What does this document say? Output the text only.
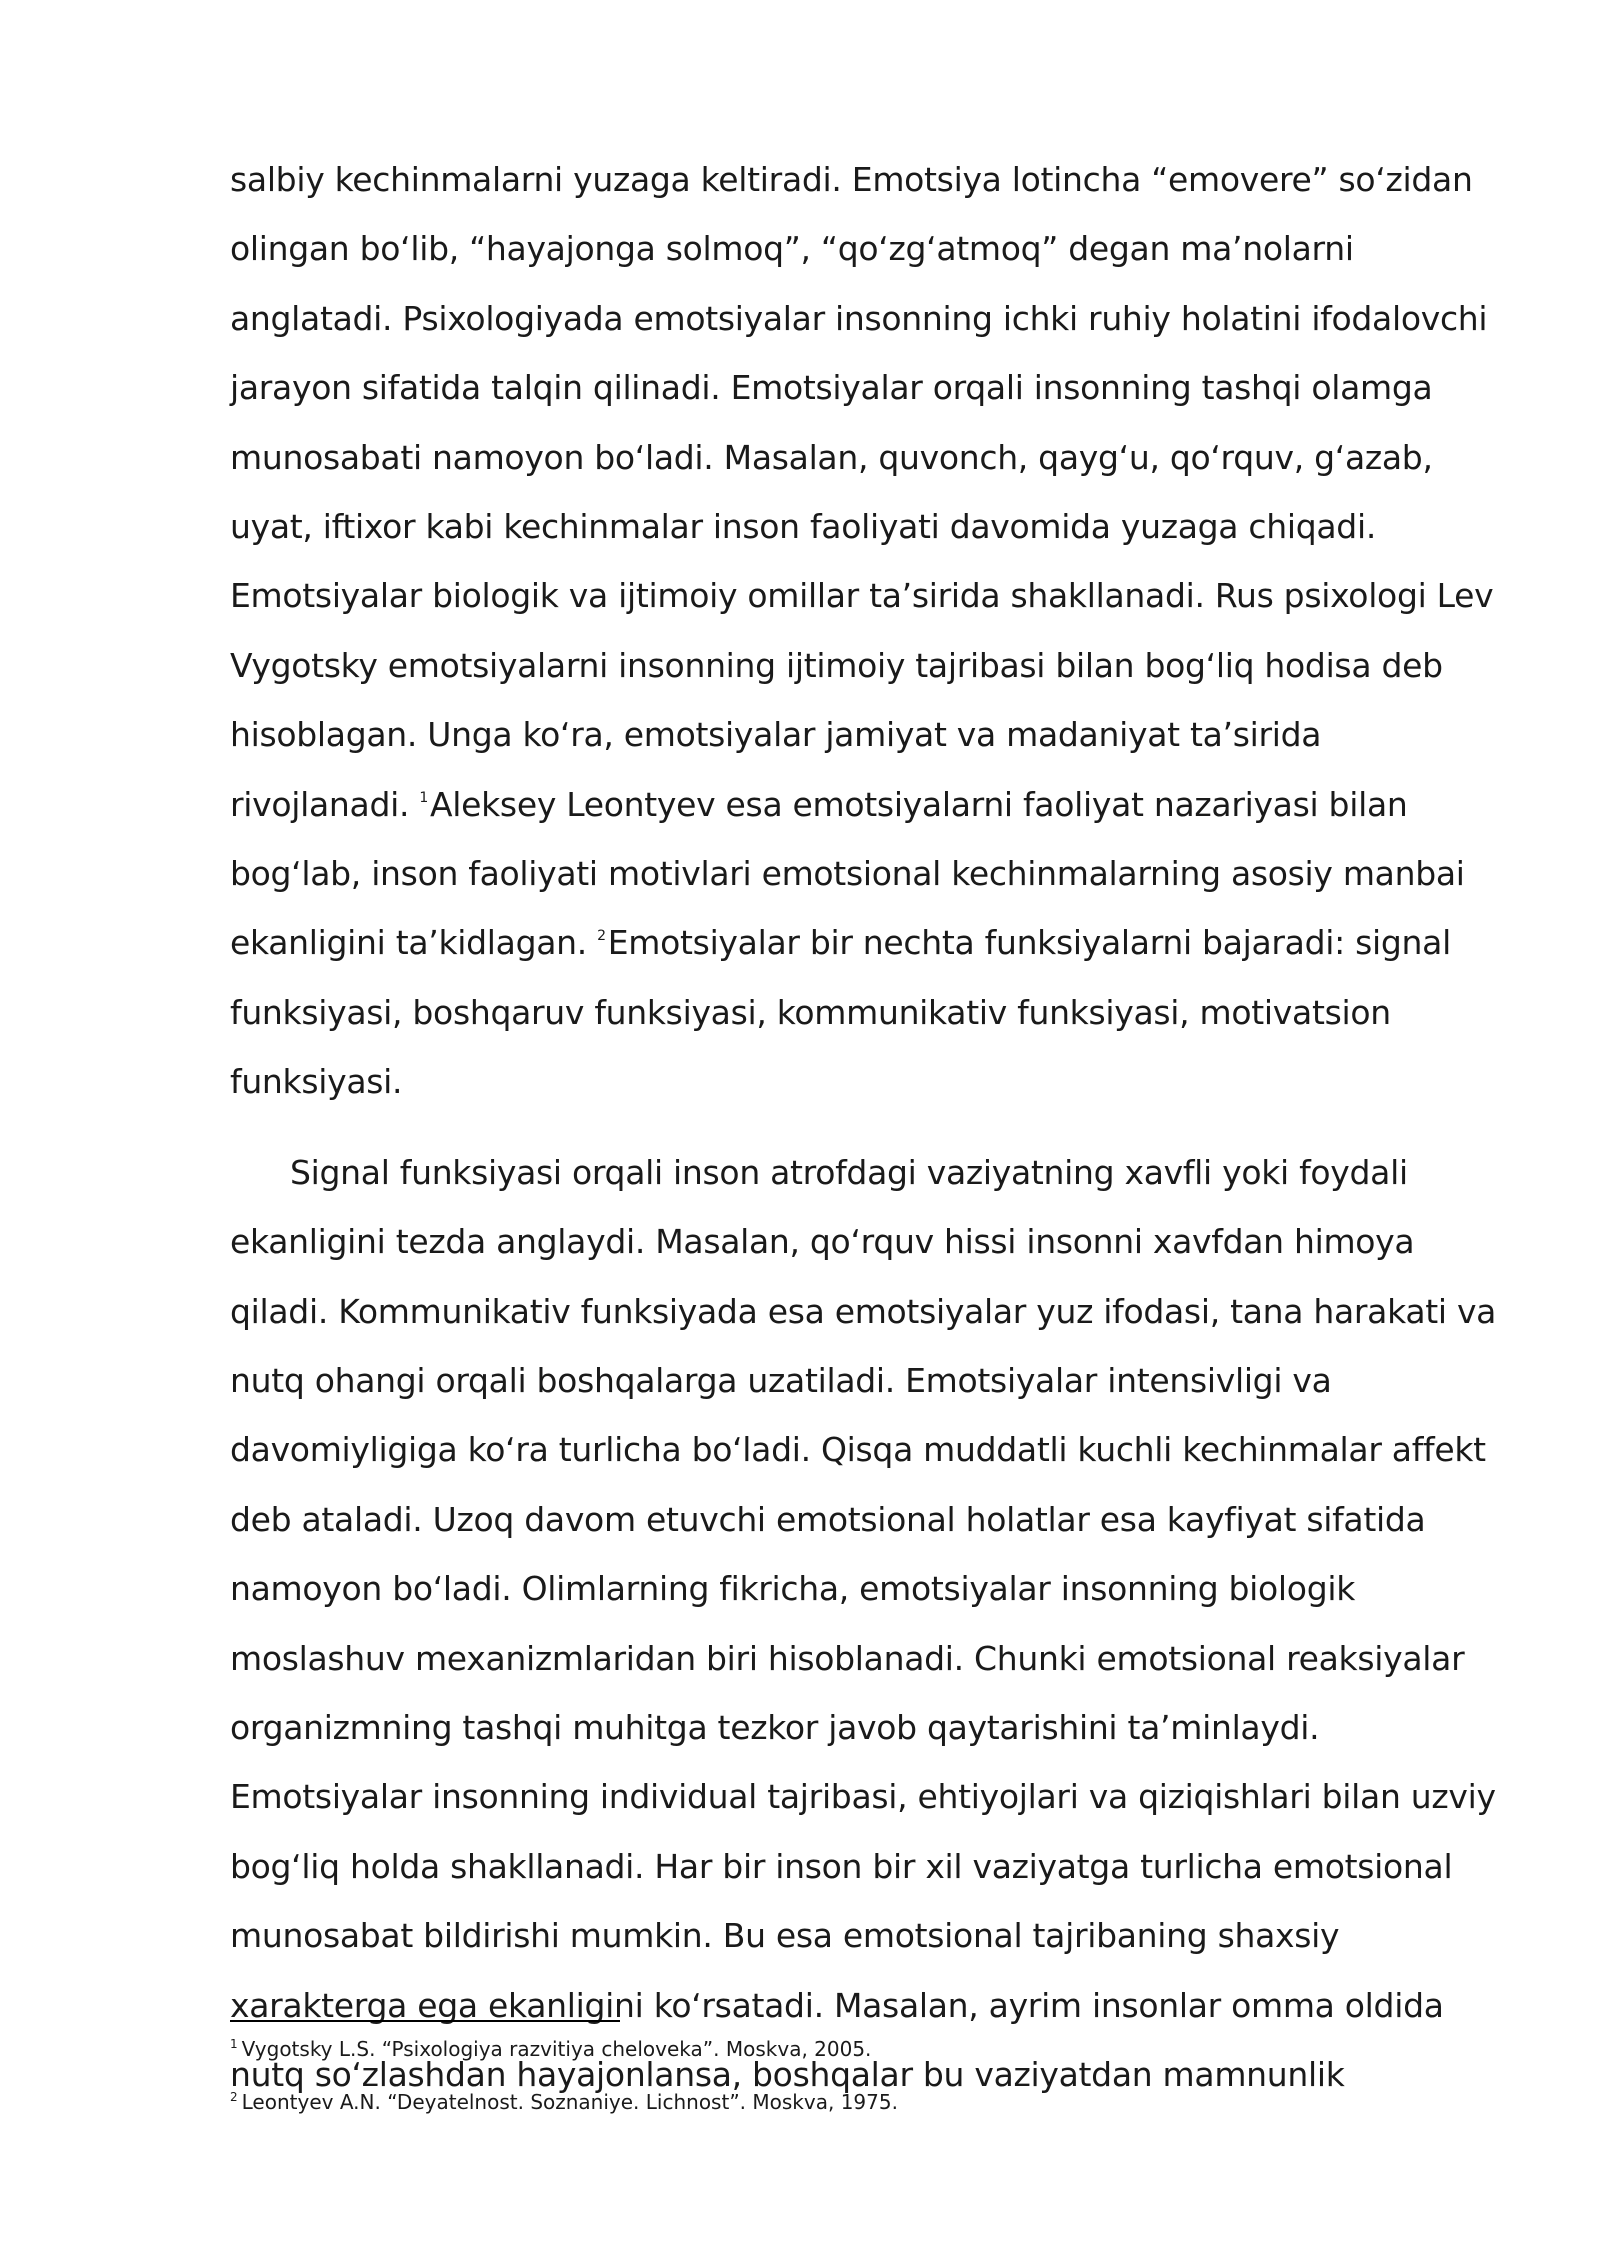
salbiy kechinmalarni yuzaga keltiradi. Emotsiya lotincha “emovere” soʻzidan olingan boʻlib, “hayajonga solmoq”, “qoʻzgʻatmoq” degan maʼnolarni anglatadi. Psixologiyada emotsiyalar insonning ichki ruhiy holatini ifodalovchi jarayon sifatida talqin qilinadi. Emotsiyalar orqali insonning tashqi olamga munosabati namoyon boʻladi. Masalan, quvonch, qaygʻu, qoʻrquv, gʻazab, uyat, iftixor kabi kechinmalar inson faoliyati davomida yuzaga chiqadi. Emotsiyalar biologik va ijtimoiy omillar taʼsirida shakllanadi. Rus psixologi Lev Vygotsky emotsiyalarni insonning ijtimoiy tajribasi bilan bogʻliq hodisa deb hisoblagan. Unga koʻra, emotsiyalar jamiyat va madaniyat taʼsirida rivojlanadi. $^1$Aleksey Leontyev esa emotsiyalarni faoliyat nazariyasi bilan bogʻlab, inson faoliyati motivlari emotsional kechinmalarning asosiy manbai ekanligini taʼkidlagan. $^2$Emotsiyalar bir nechta funksiyalarni bajaradi: signal funksiyasi, boshqaruv funksiyasi, kommunikativ funksiyasi, motivatsion funksiyasi.

Signal funksiyasi orqali inson atrofdagi vaziyatning xavfli yoki foydali ekanligini tezda anglaydi. Masalan, qoʻrquv hissi insonni xavfdan himoya qiladi. Kommunikativ funksiyada esa emotsiyalar yuz ifodasi, tana harakati va nutq ohangi orqali boshqalarga uzatiladi. Emotsiyalar intensivligi va davomiyligiga koʻra turlicha boʻladi. Qisqa muddatli kuchli kechinmalar affekt deb ataladi. Uzoq davom etuvchi emotsional holatlar esa kayfiyat sifatida namoyon boʻladi. Olimlarning fikricha, emotsiyalar insonning biologik moslashuv mexanizmlaridan biri hisoblanadi. Chunki emotsional reaksiyalar organizmning tashqi muhitga tezkor javob qaytarishini taʼminlaydi. Emotsiyalar insonning individual tajribasi, ehtiyojlari va qiziqishlari bilan uzviy bogʻliq holda shakllanadi. Har bir inson bir xil vaziyatga turlicha emotsional munosabat bildirishi mumkin. Bu esa emotsional tajribaning shaxsiy xarakterga ega ekanligini koʻrsatadi. Masalan, ayrim insonlar omma oldida nutq soʻzlashdan hayajonlansa, boshqalar bu vaziyatdan mamnunlik

$^1$ Vygotsky L.S. “Psixologiya razvitiya cheloveka”. Moskva, 2005.

$^2$ Leontyev A.N. “Deyatelnost. Soznaniye. Lichnost”. Moskva, 1975.
